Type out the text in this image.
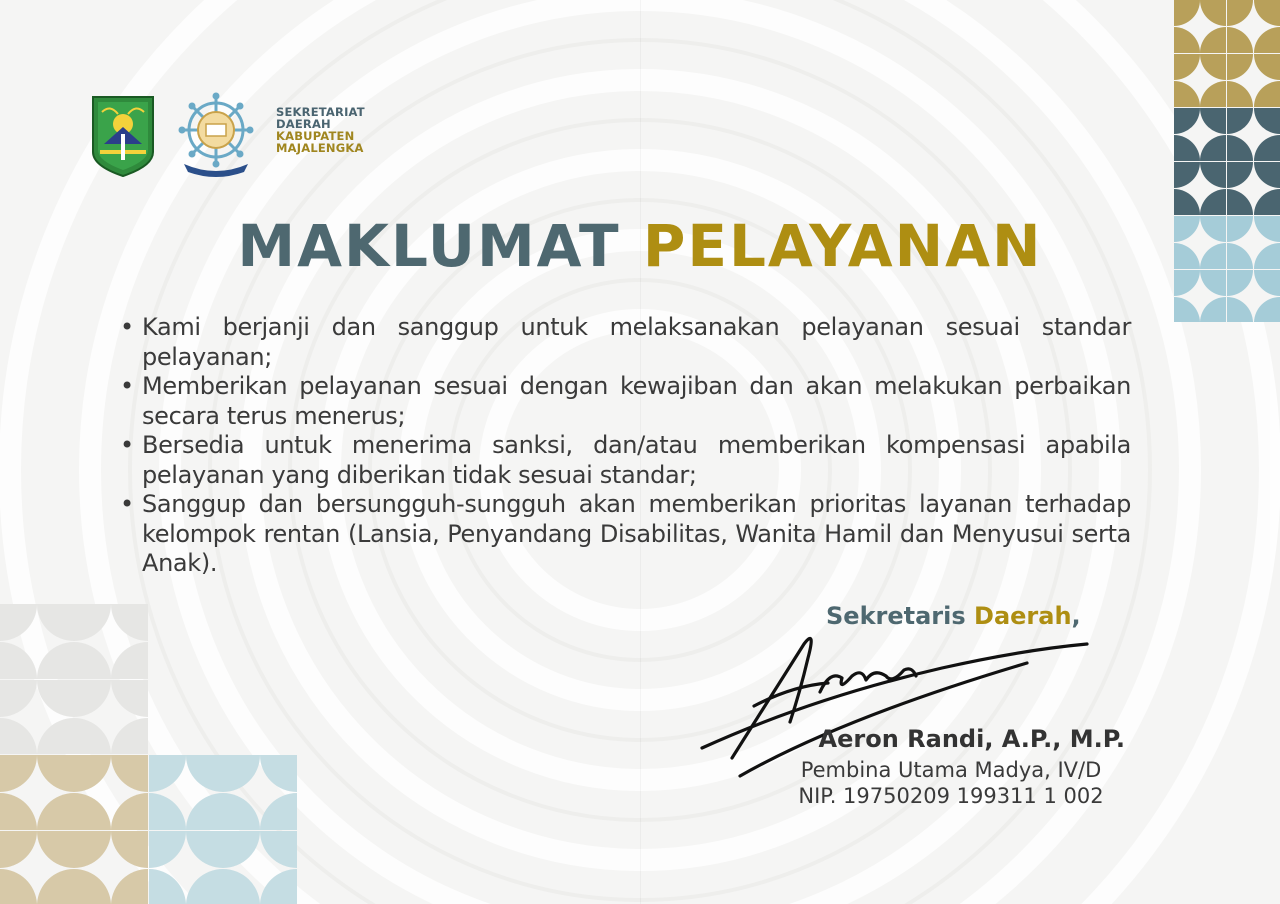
SEKRETARIAT
DAERAH
KABUPATEN
MAJALENGKA
MAKLUMAT PELAYANAN
• Kami berjanji dan sanggup untuk melaksanakan pelayanan sesuai standar pelayanan;
• Memberikan pelayanan sesuai dengan kewajiban dan akan melakukan perbaikan secara terus menerus;
• Bersedia untuk menerima sanksi, dan/atau memberikan kompensasi apabila pelayanan yang diberikan tidak sesuai standar;
• Sanggup dan bersungguh-sungguh akan memberikan prioritas layanan terhadap kelompok rentan (Lansia, Penyandang Disabilitas, Wanita Hamil dan Menyusui serta Anak).
Sekretaris Daerah,
Aeron Randi, A.P., M.P.
Pembina Utama Madya, IV/D
NIP. 19750209 199311 1 002
